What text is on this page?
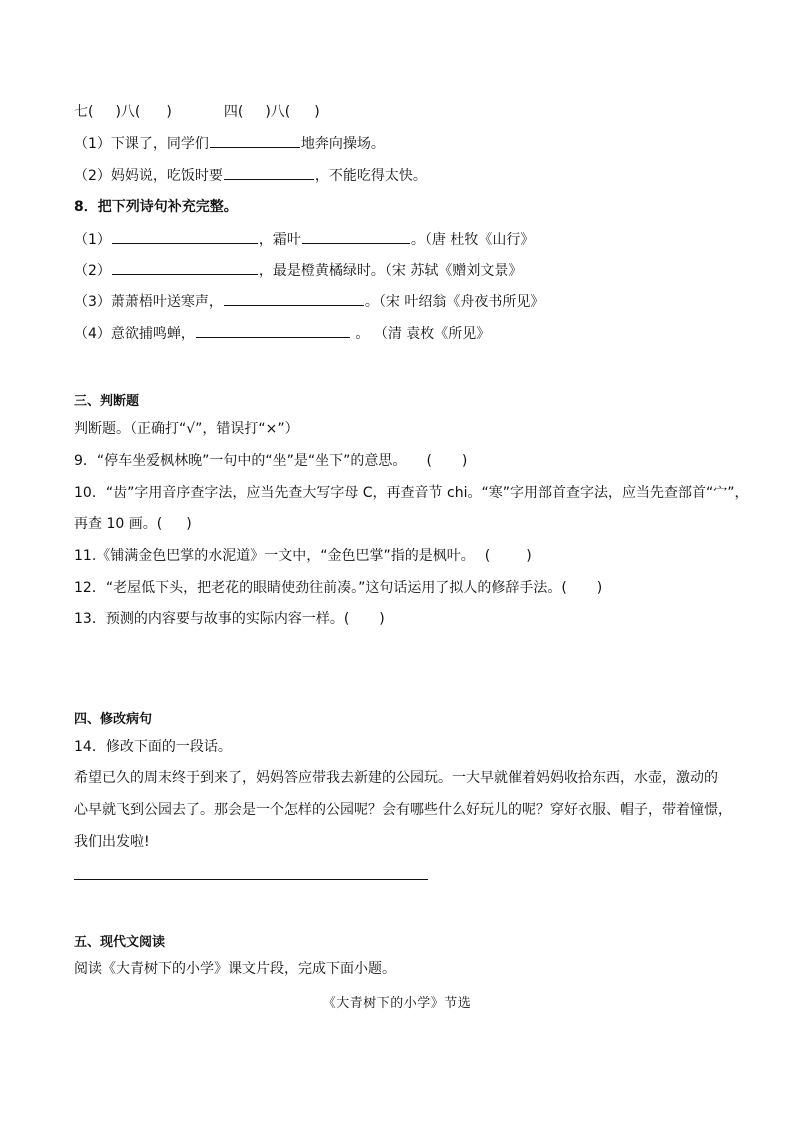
七( )八( )	四( )八( )
（1）下课了，同学们	地奔向操场。
（2）妈妈说，吃饭时要	，不能吃得太快。
8．把下列诗句补充完整。
（1）	，霜叶	。（唐 杜牧《山行》
（2）	，最是橙黄橘绿时。（宋 苏轼《赠刘文景》
（3）萧萧梧叶送寒声，	。（宋 叶绍翁《舟夜书所见》
（4）意欲捕鸣蝉，	。 （清 袁枚《所见》
三、判断题
判断题。（正确打“√”，错误打“×”）
9．“停车坐爱枫林晚”一句中的“坐”是“坐下”的意思。 ( )
10．“齿”字用音序查字法，应当先查大写字母 C，再查音节 chi。“寒”字用部首查字法，应当先查部首“宀”，
再查 10 画。( )
11.《铺满金色巴掌的水泥道》一文中，“金色巴掌”指的是枫叶。 (	)
12．“老屋低下头，把老花的眼睛使劲往前凑。”这句话运用了拟人的修辞手法。( )
13．预测的内容要与故事的实际内容一样。( )
四、修改病句
14．修改下面的一段话。
希望已久的周末终于到来了，妈妈答应带我去新建的公园玩。一大早就催着妈妈收拾东西，水壶，激动的
心早就飞到公园去了。那会是一个怎样的公园呢？会有哪些什么好玩儿的呢？穿好衣服、帽子，带着憧憬，
我们出发啦!
五、现代文阅读
阅读《大青树下的小学》课文片段，完成下面小题。
《大青树下的小学》节选
